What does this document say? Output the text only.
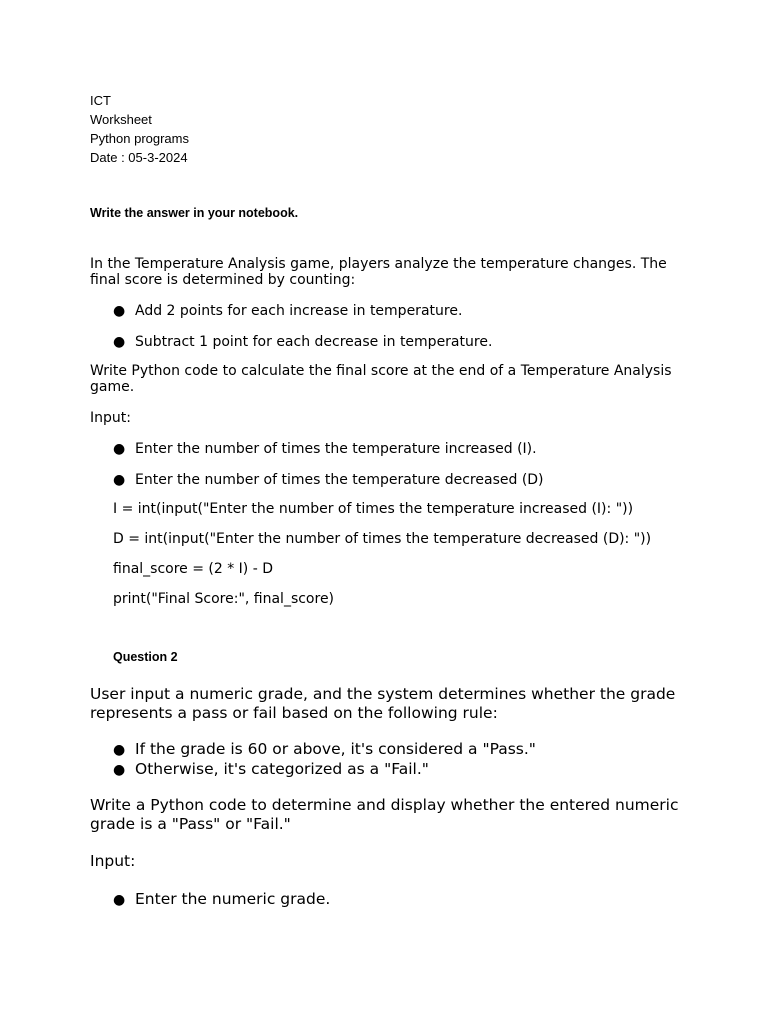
ICT
Worksheet
Python programs
Date : 05-3-2024
Write the answer in your notebook.
In the Temperature Analysis game, players analyze the temperature changes. The final score is determined by counting:
● Add 2 points for each increase in temperature.
● Subtract 1 point for each decrease in temperature.
Write Python code to calculate the final score at the end of a Temperature Analysis game.
Input:
● Enter the number of times the temperature increased (I).
● Enter the number of times the temperature decreased (D)
I = int(input("Enter the number of times the temperature increased (I): "))
D = int(input("Enter the number of times the temperature decreased (D): "))
final_score = (2 * I) - D
print("Final Score:", final_score)
Question 2
User input a numeric grade, and the system determines whether the grade represents a pass or fail based on the following rule:
● If the grade is 60 or above, it's considered a "Pass."
● Otherwise, it's categorized as a "Fail."
Write a Python code to determine and display whether the entered numeric grade is a "Pass" or "Fail."
Input:
● Enter the numeric grade.
